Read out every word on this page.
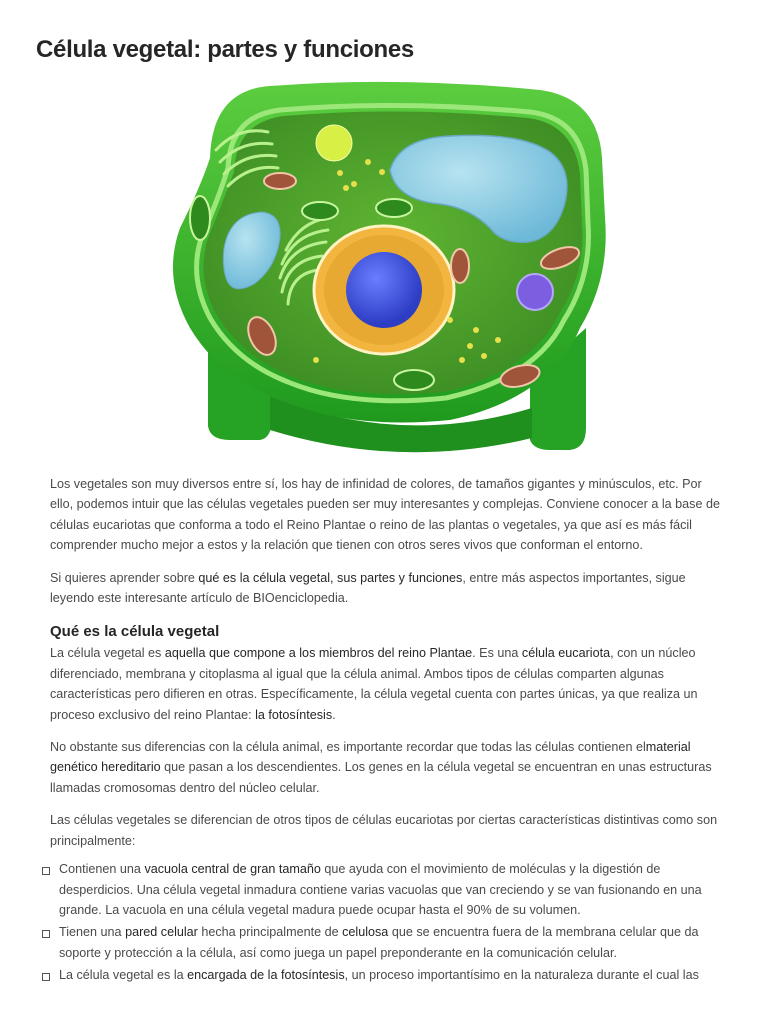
Célula vegetal: partes y funciones

Los vegetales son muy diversos entre sí, los hay de infinidad de colores, de tamaños gigantes y minúsculos, etc. Por ello, podemos intuir que las células vegetales pueden ser muy interesantes y complejas. Conviene conocer a la base de células eucariotas que conforma a todo el Reino Plantae o reino de las plantas o vegetales, ya que así es más fácil comprender mucho mejor a estos y la relación que tienen con otros seres vivos que conforman el entorno.

Si quieres aprender sobre qué es la célula vegetal, sus partes y funciones, entre más aspectos importantes, sigue leyendo este interesante artículo de BIOenciclopedia.

Qué es la célula vegetal

La célula vegetal es aquella que compone a los miembros del reino Plantae. Es una célula eucariota, con un núcleo diferenciado, membrana y citoplasma al igual que la célula animal. Ambos tipos de células comparten algunas características pero difieren en otras. Específicamente, la célula vegetal cuenta con partes únicas, ya que realiza un proceso exclusivo del reino Plantae: la fotosíntesis.

No obstante sus diferencias con la célula animal, es importante recordar que todas las células contienen elmaterial genético hereditario que pasan a los descendientes. Los genes en la célula vegetal se encuentran en unas estructuras llamadas cromosomas dentro del núcleo celular.

Las células vegetales se diferencian de otros tipos de células eucariotas por ciertas características distintivas como son principalmente:

Contienen una vacuola central de gran tamaño que ayuda con el movimiento de moléculas y la digestión de desperdicios. Una célula vegetal inmadura contiene varias vacuolas que van creciendo y se van fusionando en una grande. La vacuola en una célula vegetal madura puede ocupar hasta el 90% de su volumen.
Tienen una pared celular hecha principalmente de celulosa que se encuentra fuera de la membrana celular que da soporte y protección a la célula, así como juega un papel preponderante en la comunicación celular.
La célula vegetal es la encargada de la fotosíntesis, un proceso importantísimo en la naturaleza durante el cual las
